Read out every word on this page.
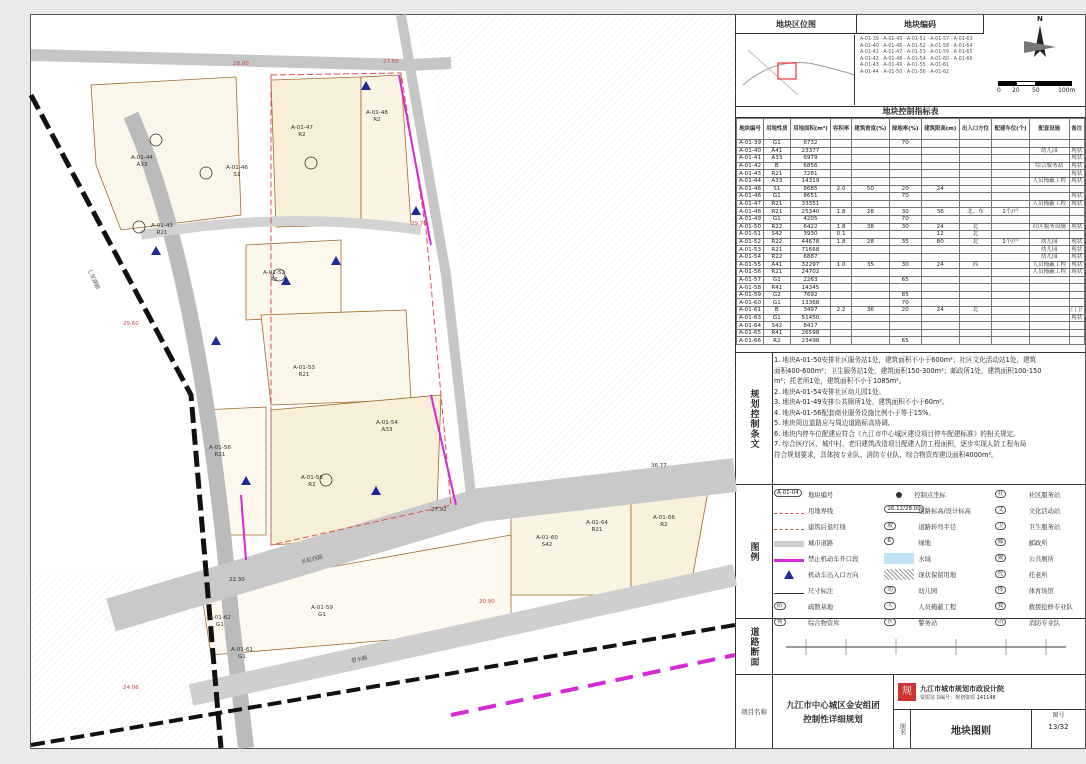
A-01-47
R2
A-01-48
R2
A-01-44
A33	A-01-46
S1
A-01-43
R21
A-01-52
R2
A-01-53
R21
A-01-54
A33
A-01-56
R21
A-01-58
R2
A-01-62
G1
A-01-61
G1
A-01-60
S42
A-01-64
R21
A-01-66
R2
A-01-59
G1
28.00	27.50
29.70
36.77
27.92
22.30
29.60
24.06
20.90
七里湖路
长虹西路
碧水路
地块区位图	地块编码
A-01-39 · A-01-45 · A-01-51 · A-01-57 · A-01-63
A-01-40 · A-01-46 · A-01-52 · A-01-58 · A-01-64
A-01-41 · A-01-47 · A-01-53 · A-01-59 · A-01-65
A-01-42 · A-01-48 · A-01-54 · A-01-60 · A-01-66
A-01-43 · A-01-49 · A-01-55 · A-01-61
A-01-44 · A-01-50 · A-01-56 · A-01-62
N
0 20 50	100m
地块控制指标表
地块编号	用地性质	用地面积(m²)	容积率	建筑密度(%)	绿地率(%)	建筑限高(m)	出入口方位	配建车位(个)	配套设施	备注
A-01-39	G1	6732			70					
A-01-40	A41	23377							幼儿园	现状
A-01-41	A33	6979								现状
A-01-42	B	6856							综合服务站	现状
A-01-43	R21	7281								现状
A-01-44	A33	14319							人员掩蔽工程	现状
A-01-46	S1	8685	2.0	50	20	24				
A-01-46	G1	8651			70					现状
A-01-47	R21	33351							人员掩蔽工程	现状
A-01-48	R21	25340	1.8	28	30	36	北、东	1个/户		
A-01-49	G1	4205			70					
A-01-50	R22	6422	1.8	38	30	24	北		社区服务设施	现状
A-01-51	S42	3930	0.1			12	北			
A-01-52	R22	44678	1.8	28	35	80	北	1个/户	幼儿园	现状
A-01-53	R21	71668							幼儿园	现状
A-01-54	R22	6887							幼儿园	现状
A-01-55	A41	32297	1.0	35	30	24	西		人员掩蔽工程	现状
A-01-56	R21	24702							人员掩蔽工程	现状
A-01-57	G1	2263			65					
A-01-58	R41	14345								
A-01-59	G2	7692			85					
A-01-60	G1	13368			70					
A-01-61	B	3497	2.2	36	20	24	北			门卫
A-01-63	G1	51450								现状
A-01-64	S42	8417								
A-01-65	R41	26598								
A-01-66	R2	23498			65					
规划控制条文
1. 地块A-01-50安排社区服务站1处，建筑面积不小于600m²；社区文化活动站1处，建筑
面积400-600m²；卫生服务站1处，建筑面积150-300m²；邮政所1处，建筑面积100-150
m²；托老所1处，建筑面积不小于1085m²。
2. 地块A-01-54安排社区幼儿园1处。
3. 地块A-01-49安排公共厕所1处，建筑面积不小于60m²。
4. 地块A-01-56配套商业服务设施比例小于等于15%。
5. 地块周边道路应与周边道路标高协调。
6. 地块内停车位配建应符合《九江市中心城区建设项目停车配建标准》的相关规定。
7. 综合医疗区、城中村、老旧建筑改造项目配建人防工程面积，逐步实现人防工程布局
符合规划要求，具体按专业队、消防专业队、综合物资库建设面积4000m²。
图例
A-01-04	地块编号	控制点坐标	社	社区服务站
用地界线	26.12/28.00
道路标高/设计标高	文	文化活动站
建筑后退红线	坡	道路转弯半径	卫	卫生服务站
城市道路	6	绿地	邮	邮政所
禁止机动车开口段	水域	厕	公共厕所
机动车出入口方向	现状保留用地	托	托老所
尺寸标注	幼	幼儿园	体	体育场馆
防	疏散基地	人	人员掩蔽工程	救	救援抢修专业队
物	综合物资库	医	警务站	消	消防专业队
道路断面
项目名称
九江市中心城区金安组团
控制性详细规划
规	九江市城市规划市政设计院
资质证书编号：规划资质 141148
图名	地块图则
图号
13/32
